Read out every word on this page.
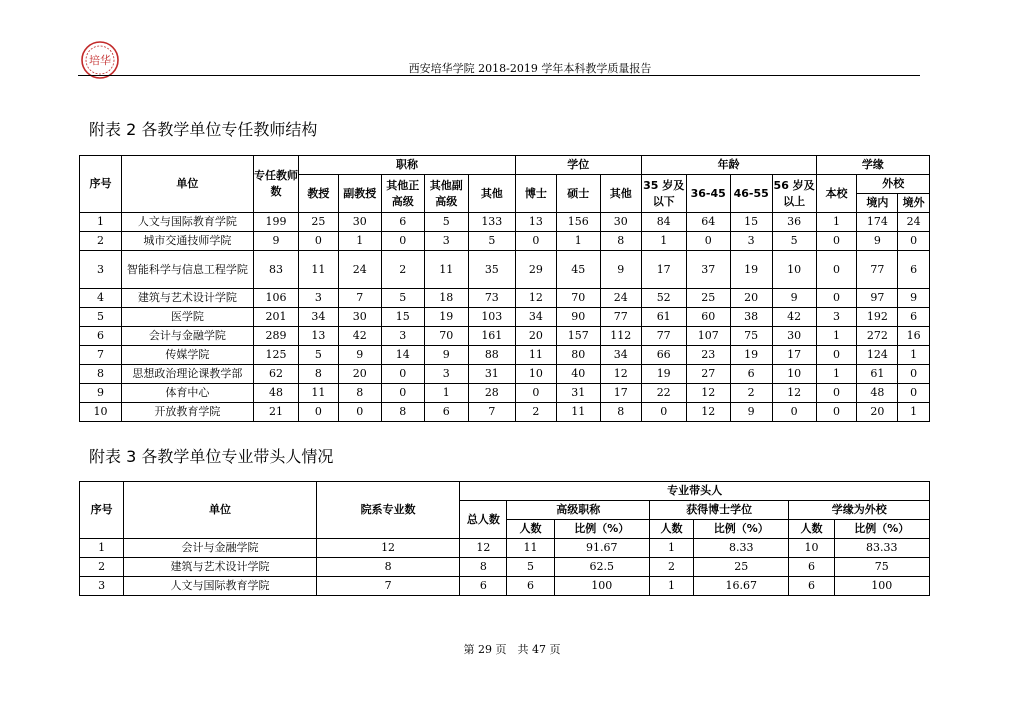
培华
西安培华学院 2018-2019 学年本科教学质量报告
附表 2 各教学单位专任教师结构
序号	单位	专任教师数	职称					学位			年龄				学缘		
			教授	副教授	其他正高级	其他副高级	其他	博士	硕士	其他	35 岁及以下	36-45	46-55	56 岁及以上	本校	外校	
																境内	境外
1	人文与国际教育学院	199	25	30	6	5	133	13	156	30	84	64	15	36	1	174	24
2	城市交通技师学院	9	0	1	0	3	5	0	1	8	1	0	3	5	0	9	0
3	智能科学与信息工程学院	83	11	24	2	11	35	29	45	9	17	37	19	10	0	77	6
4	建筑与艺术设计学院	106	3	7	5	18	73	12	70	24	52	25	20	9	0	97	9
5	医学院	201	34	30	15	19	103	34	90	77	61	60	38	42	3	192	6
6	会计与金融学院	289	13	42	3	70	161	20	157	112	77	107	75	30	1	272	16
7	传媒学院	125	5	9	14	9	88	11	80	34	66	23	19	17	0	124	1
8	思想政治理论课教学部	62	8	20	0	3	31	10	40	12	19	27	6	10	1	61	0
9	体育中心	48	11	8	0	1	28	0	31	17	22	12	2	12	0	48	0
10	开放教育学院	21	0	0	8	6	7	2	11	8	0	12	9	0	0	20	1
附表 3 各教学单位专业带头人情况
序号	单位	院系专业数	专业带头人						
			总人数	高级职称		获得博士学位		学缘为外校	
				人数	比例（%）	人数	比例（%）	人数	比例（%）
1	会计与金融学院	12	12	11	91.67	1	8.33	10	83.33
2	建筑与艺术设计学院	8	8	5	62.5	2	25	6	75
3	人文与国际教育学院	7	6	6	100	1	16.67	6	100
第 29 页　共 47 页
